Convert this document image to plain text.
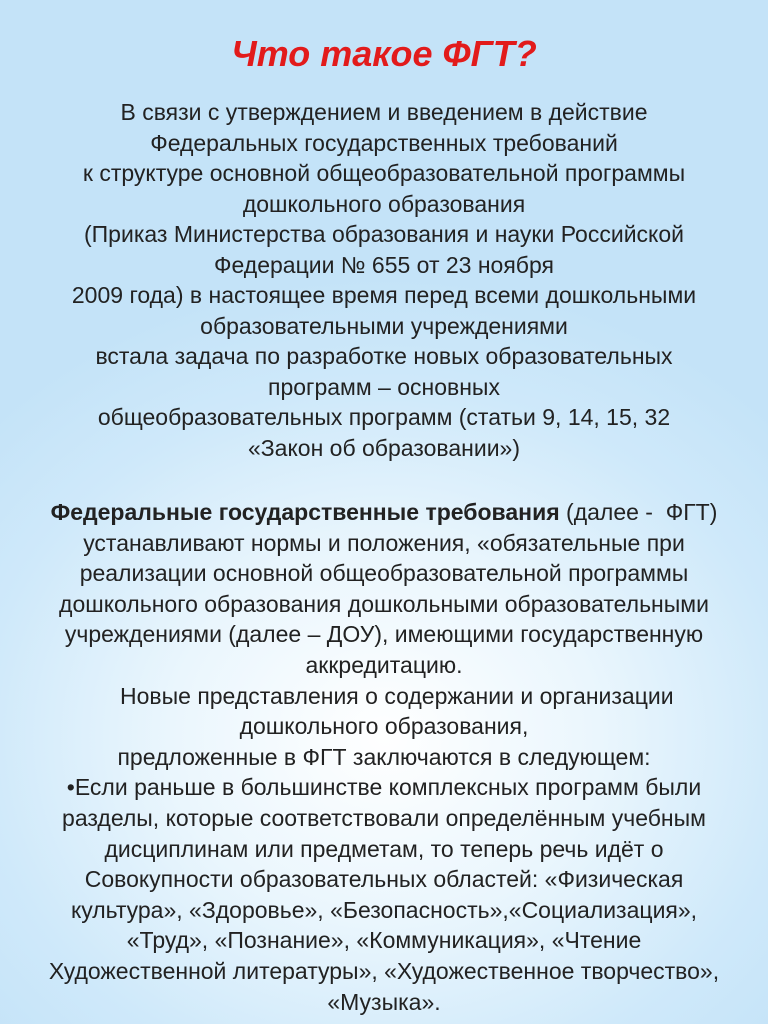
Что такое ФГТ?

В связи с утверждением и введением в действие
Федеральных государственных требований
к структуре основной общеобразовательной программы
дошкольного образования
(Приказ Министерства образования и науки Российской
Федерации № 655 от 23 ноября
2009 года) в настоящее время перед всеми дошкольными
образовательными учреждениями
встала задача по разработке новых образовательных
программ – основных
общеобразовательных программ (статьи 9, 14, 15, 32
«Закон об образовании»)

Федеральные государственные требования (далее -  ФГТ)
устанавливают нормы и положения, «обязательные при
реализации основной общеобразовательной программы
дошкольного образования дошкольными образовательными
учреждениями (далее – ДОУ), имеющими государственную
аккредитацию.
Новые представления о содержании и организации
дошкольного образования,
предложенные в ФГТ заключаются в следующем:
•Если раньше в большинстве комплексных программ были
разделы, которые соответствовали определённым учебным
дисциплинам или предметам, то теперь речь идёт о
Совокупности образовательных областей: «Физическая
культура», «Здоровье», «Безопасность»,«Социализация»,
«Труд», «Познание», «Коммуникация», «Чтение
Художественной литературы», «Художественное творчество»,
«Музыка».
